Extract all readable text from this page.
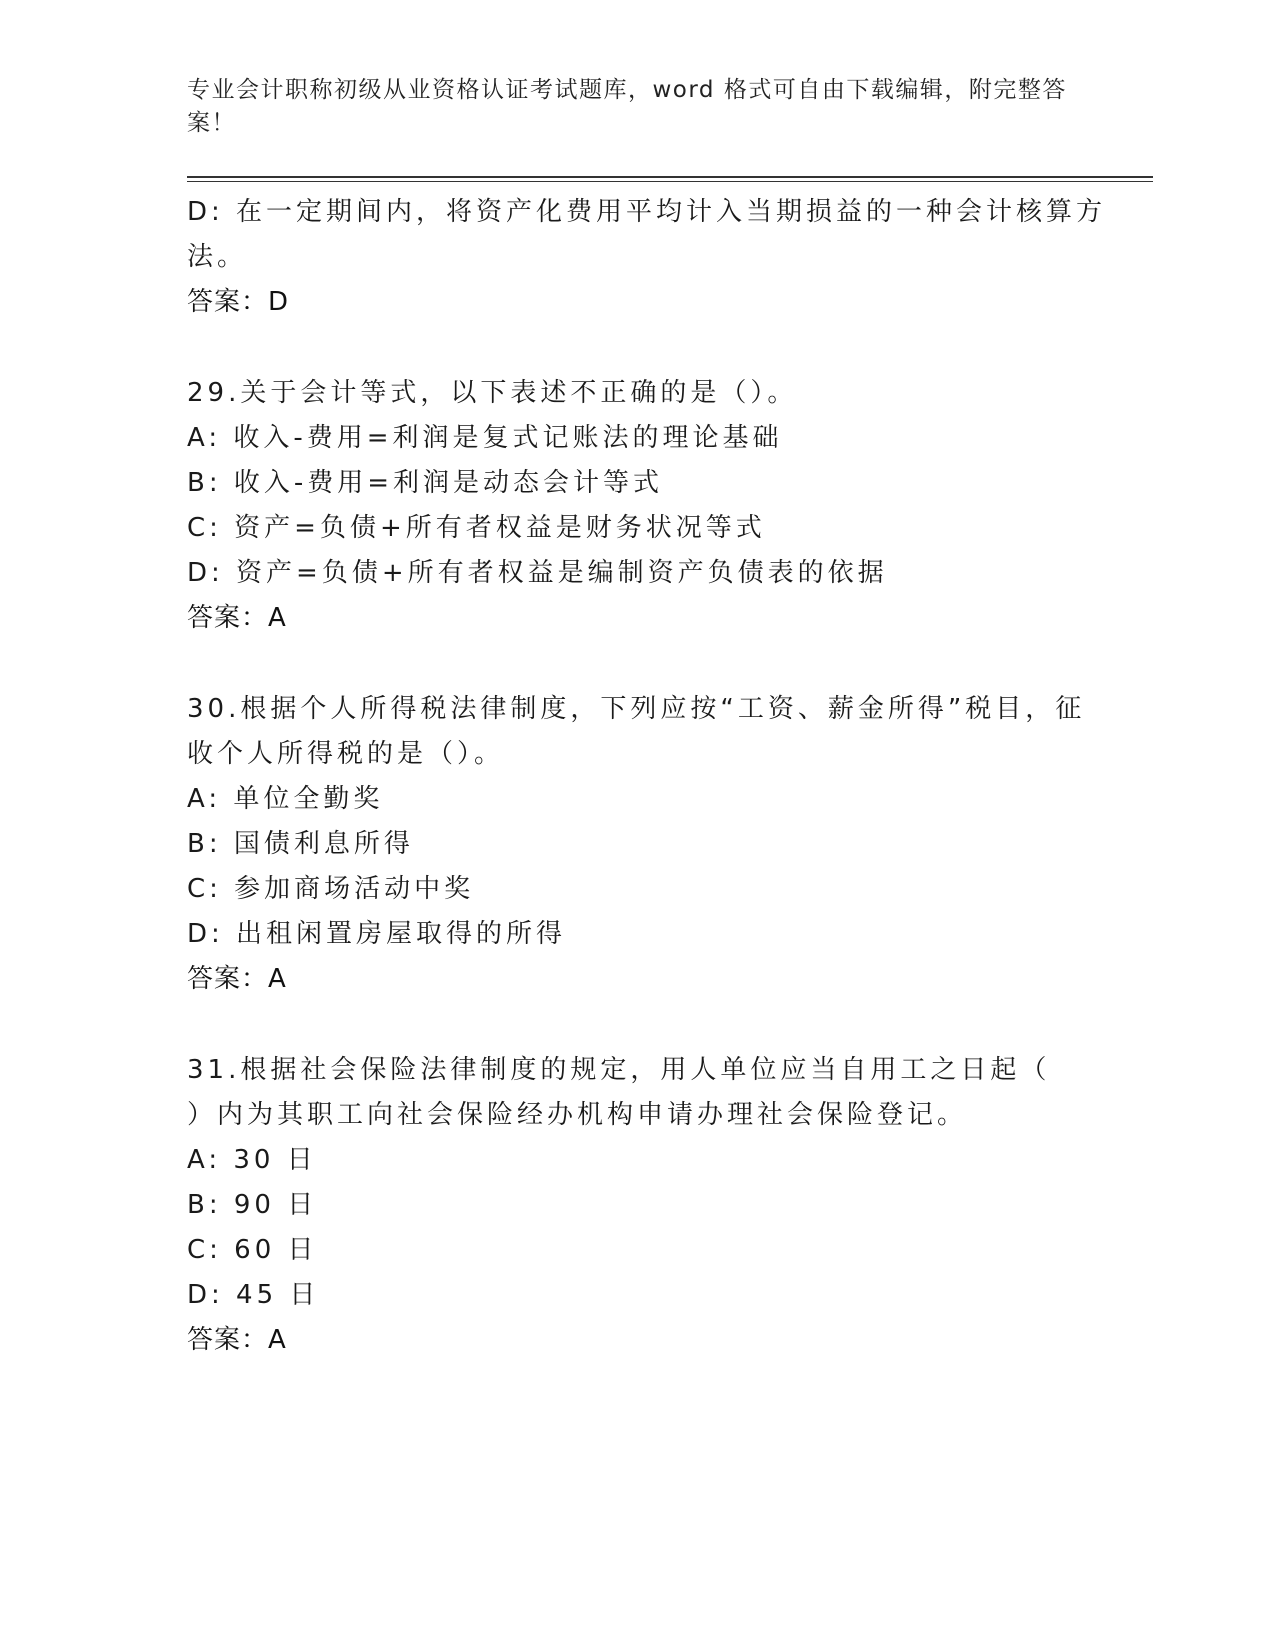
专业会计职称初级从业资格认证考试题库，word 格式可自由下载编辑，附完整答
案！
D: 在一定期间内，将资产化费用平均计入当期损益的一种会计核算方
法。
答案：D
29.关于会计等式，以下表述不正确的是（）。
A: 收入-费用=利润是复式记账法的理论基础
B: 收入-费用=利润是动态会计等式
C: 资产=负债+所有者权益是财务状况等式
D: 资产=负债+所有者权益是编制资产负债表的依据
答案：A
30.根据个人所得税法律制度，下列应按“工资、薪金所得”税目，征
收个人所得税的是（）。
A: 单位全勤奖
B: 国债利息所得
C: 参加商场活动中奖
D: 出租闲置房屋取得的所得
答案：A
31.根据社会保险法律制度的规定，用人单位应当自用工之日起（
）内为其职工向社会保险经办机构申请办理社会保险登记。
A: 30 日
B: 90 日
C: 60 日
D: 45 日
答案：A
